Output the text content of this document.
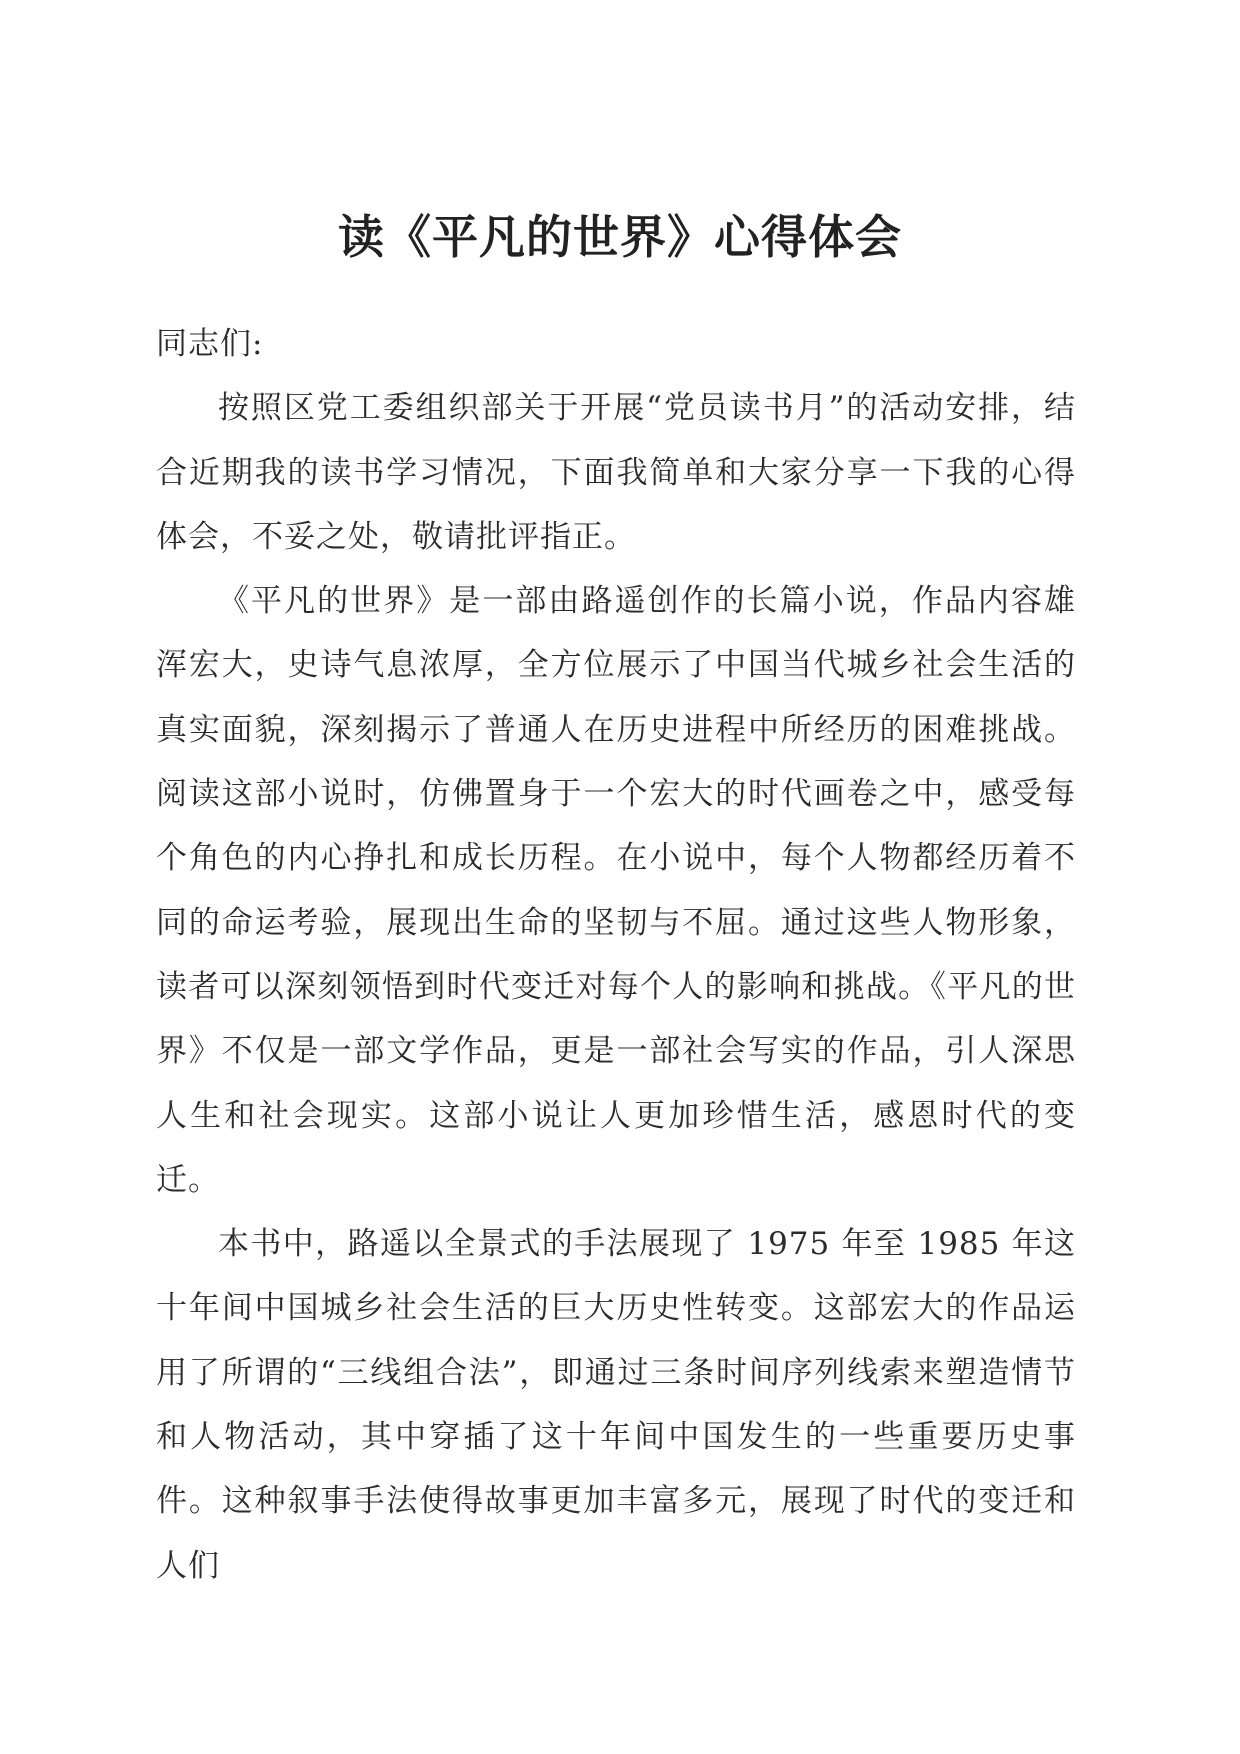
读《平凡的世界》心得体会

同志们:

按照区党工委组织部关于开展“党员读书月”的活动安排，结合近期我的读书学习情况，下面我简单和大家分享一下我的心得体会，不妥之处，敬请批评指正。

《平凡的世界》是一部由路遥创作的长篇小说，作品内容雄浑宏大，史诗气息浓厚，全方位展示了中国当代城乡社会生活的真实面貌，深刻揭示了普通人在历史进程中所经历的困难挑战。阅读这部小说时，仿佛置身于一个宏大的时代画卷之中，感受每个角色的内心挣扎和成长历程。在小说中，每个人物都经历着不同的命运考验，展现出生命的坚韧与不屈。通过这些人物形象，读者可以深刻领悟到时代变迁对每个人的影响和挑战。《平凡的世界》不仅是一部文学作品，更是一部社会写实的作品，引人深思人生和社会现实。这部小说让人更加珍惜生活，感恩时代的变迁。

本书中，路遥以全景式的手法展现了 1975 年至 1985 年这十年间中国城乡社会生活的巨大历史性转变。这部宏大的作品运用了所谓的“三线组合法”，即通过三条时间序列线索来塑造情节和人物活动，其中穿插了这十年间中国发生的一些重要历史事件。这种叙事手法使得故事更加丰富多元，展现了时代的变迁和人们
